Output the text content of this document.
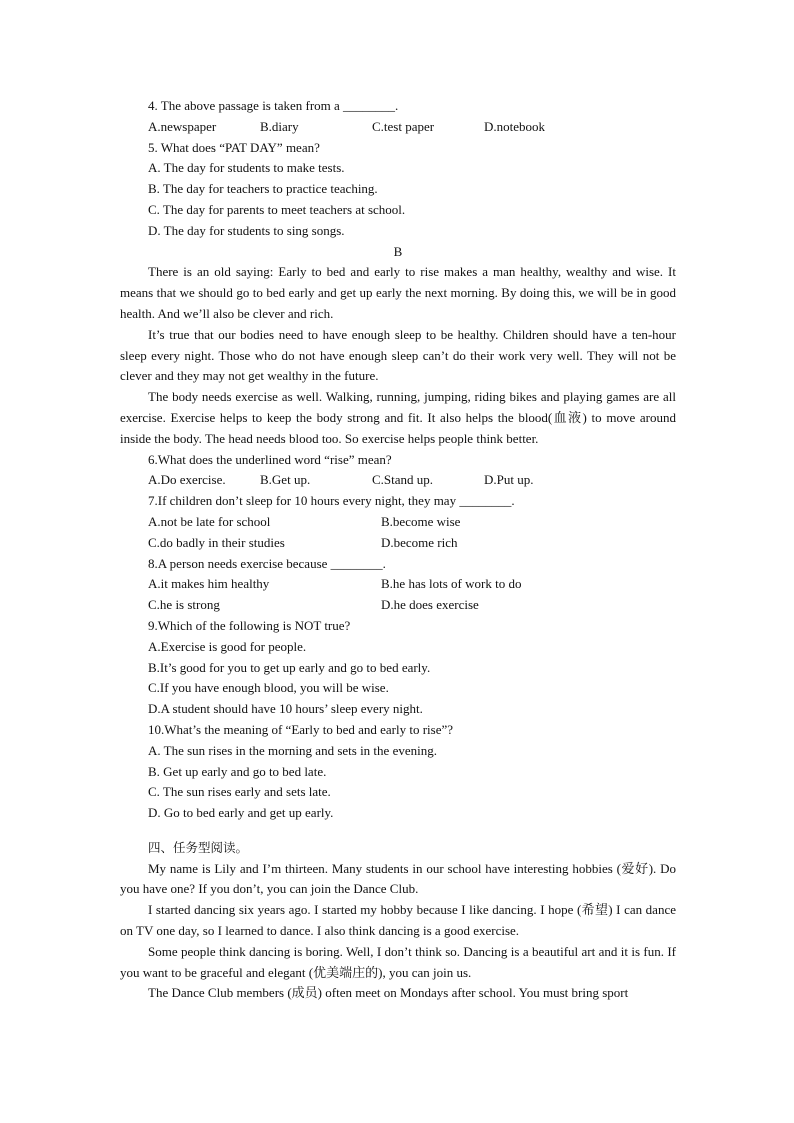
4. The above passage is taken from a ________.
A.newspaper	B.diary	C.test paper	D.notebook
5. What does “PAT DAY” mean?
A. The day for students to make tests.
B. The day for teachers to practice teaching.
C. The day for parents to meet teachers at school.
D. The day for students to sing songs.
B
There is an old saying: Early to bed and early to rise makes a man healthy, wealthy and wise. It means that we should go to bed early and get up early the next morning. By doing this, we will be in good health. And we’ll also be clever and rich.
It’s true that our bodies need to have enough sleep to be healthy. Children should have a ten-hour sleep every night. Those who do not have enough sleep can’t do their work very well. They will not be clever and they may not get wealthy in the future.
The body needs exercise as well. Walking, running, jumping, riding bikes and playing games are all exercise. Exercise helps to keep the body strong and fit. It also helps the blood(血液) to move around inside the body. The head needs blood too. So exercise helps people think better.
6.What does the underlined word “rise” mean?
A.Do exercise.	B.Get up.	C.Stand up.	D.Put up.
7.If children don’t sleep for 10 hours every night, they may ________.
A.not be late for school	B.become wise
C.do badly in their studies	D.become rich
8.A person needs exercise because ________.
A.it makes him healthy	B.he has lots of work to do
C.he is strong	D.he does exercise
9.Which of the following is NOT true?
A.Exercise is good for people.
B.It’s good for you to get up early and go to bed early.
C.If you have enough blood, you will be wise.
D.A student should have 10 hours’ sleep every night.
10.What’s the meaning of “Early to bed and early to rise”?
A. The sun rises in the morning and sets in the evening.
B. Get up early and go to bed late.
C. The sun rises early and sets late.
D. Go to bed early and get up early.
四、任务型阅读。
My name is Lily and I’m thirteen. Many students in our school have interesting hobbies (爱好). Do you have one? If you don’t, you can join the Dance Club.
I started dancing six years ago. I started my hobby because I like dancing. I hope (希望) I can dance on TV one day, so I learned to dance. I also think dancing is a good exercise.
Some people think dancing is boring. Well, I don’t think so. Dancing is a beautiful art and it is fun. If you want to be graceful and elegant (优美端庄的), you can join us.
The Dance Club members (成员) often meet on Mondays after school. You must bring sport
